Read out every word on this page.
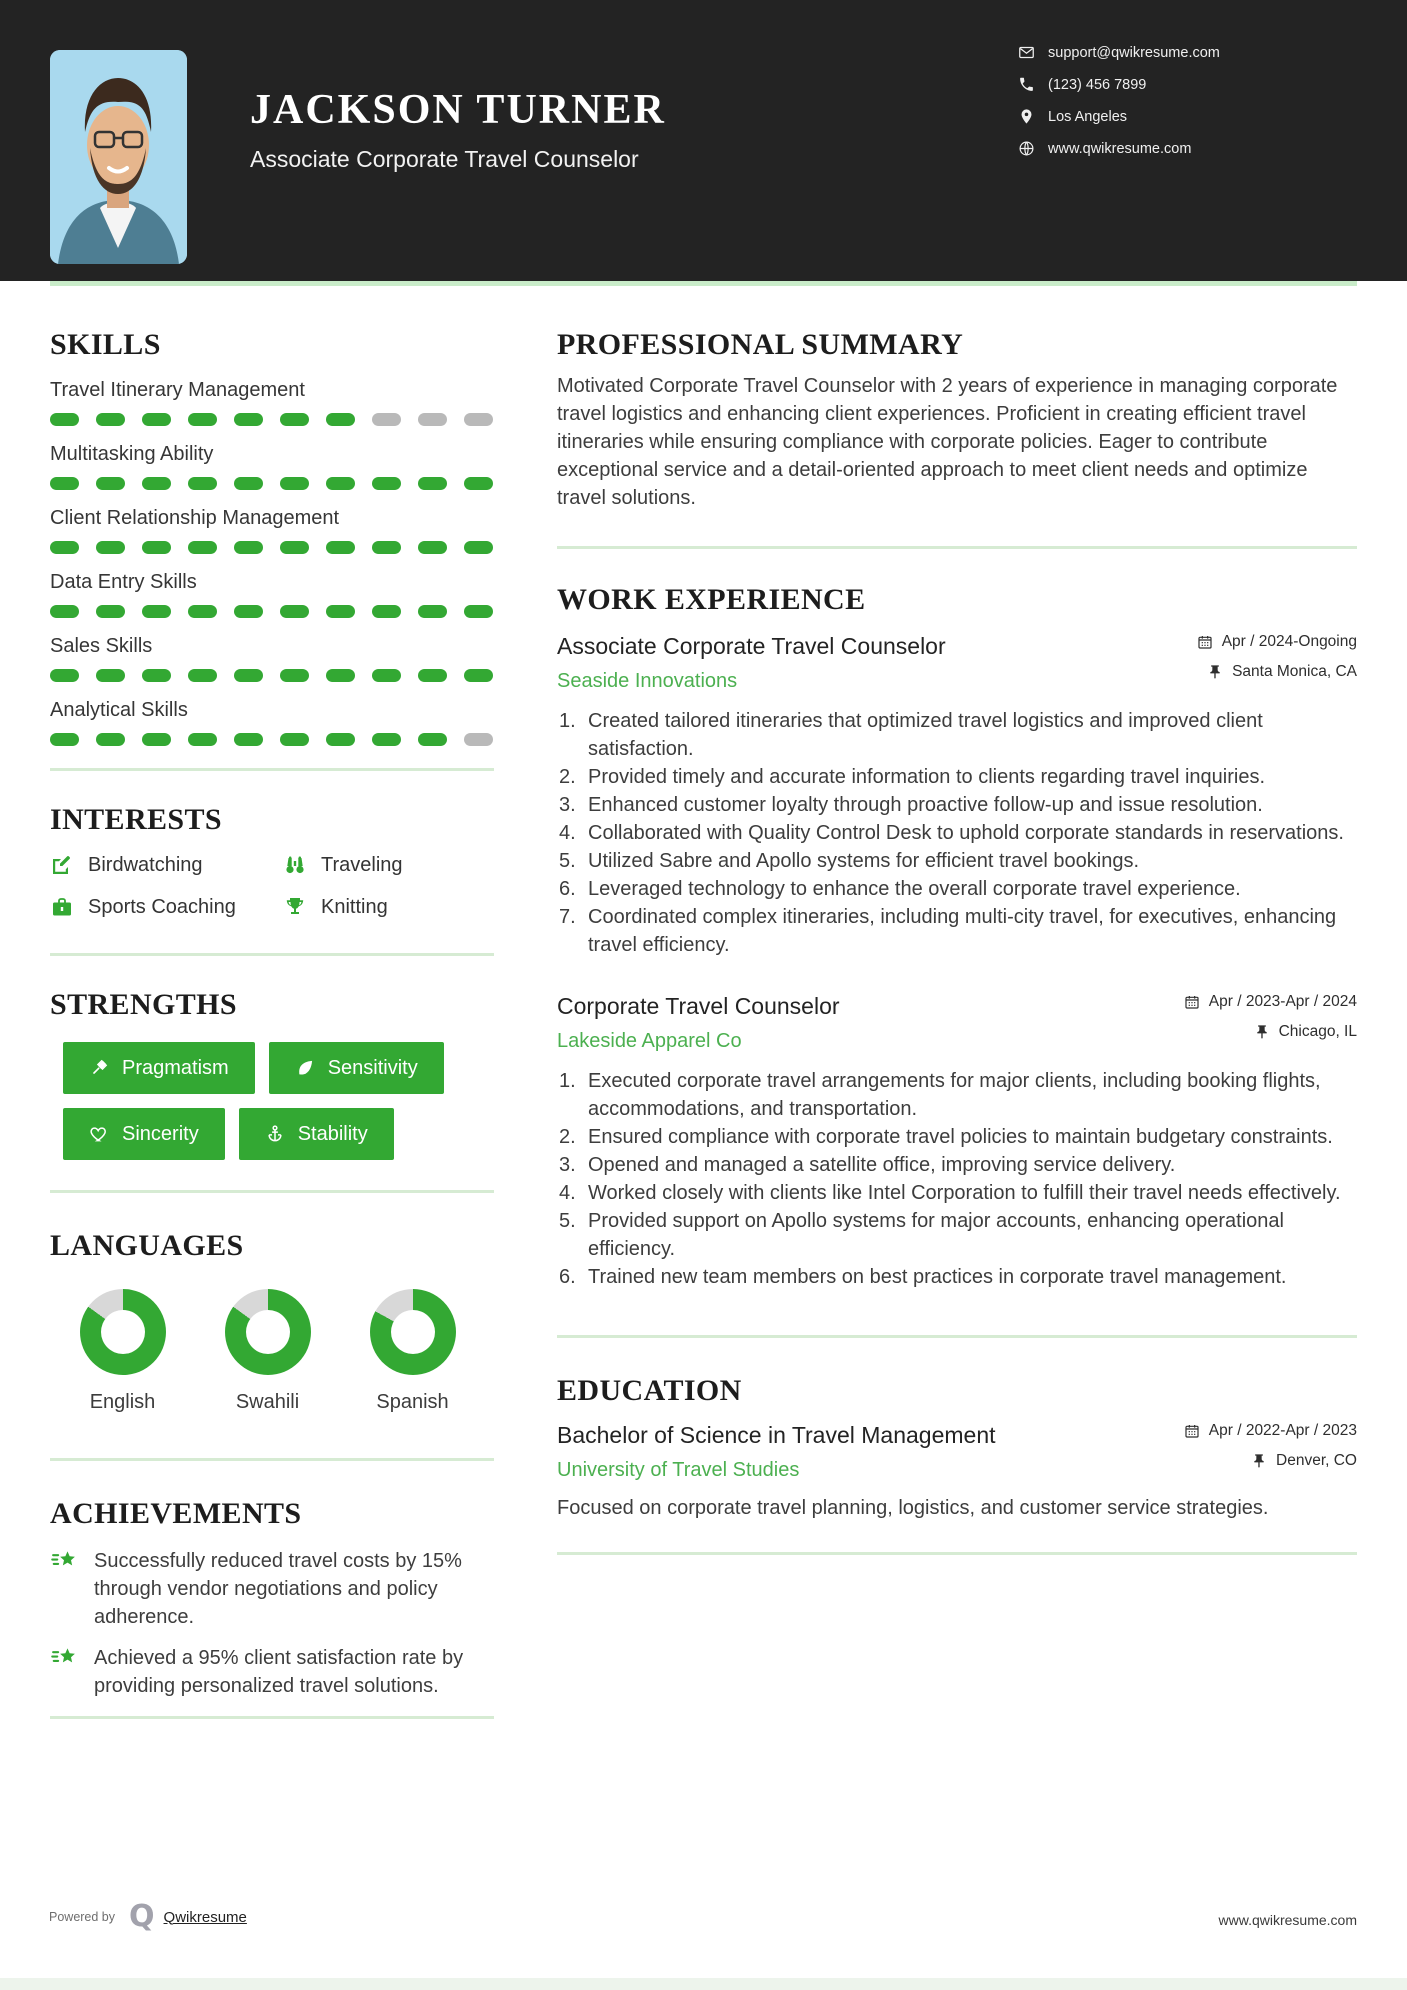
JACKSON TURNER
Associate Corporate Travel Counselor
support@qwikresume.com
(123) 456 7899
Los Angeles
www.qwikresume.com
SKILLS
Travel Itinerary Management
Multitasking Ability
Client Relationship Management
Data Entry Skills
Sales Skills
Analytical Skills
INTERESTS
Birdwatching	Traveling
Sports Coaching	Knitting
STRENGTHS
Pragmatism	Sensitivity
Sincerity	Stability
LANGUAGES
English	Swahili	Spanish
ACHIEVEMENTS

Successfully reduced travel costs by 15% through vendor negotiations and policy adherence.

Achieved a 95% client satisfaction rate by providing personalized travel solutions.

PROFESSIONAL SUMMARY

Motivated Corporate Travel Counselor with 2 years of experience in managing corporate travel logistics and enhancing client experiences. Proficient in creating efficient travel itineraries while ensuring compliance with corporate policies. Eager to contribute exceptional service and a detail-oriented approach to meet client needs and optimize travel solutions.

WORK EXPERIENCE
Associate Corporate Travel Counselor
Seaside Innovations
Apr / 2024-Ongoing
Santa Monica, CA
Created tailored itineraries that optimized travel logistics and improved client satisfaction.
Provided timely and accurate information to clients regarding travel inquiries.
Enhanced customer loyalty through proactive follow-up and issue resolution.
Collaborated with Quality Control Desk to uphold corporate standards in reservations.
Utilized Sabre and Apollo systems for efficient travel bookings.
Leveraged technology to enhance the overall corporate travel experience.
Coordinated complex itineraries, including multi-city travel, for executives, enhancing travel efficiency.
Corporate Travel Counselor
Lakeside Apparel Co
Apr / 2023-Apr / 2024
Chicago, IL
Executed corporate travel arrangements for major clients, including booking flights, accommodations, and transportation.
Ensured compliance with corporate travel policies to maintain budgetary constraints.
Opened and managed a satellite office, improving service delivery.
Worked closely with clients like Intel Corporation to fulfill their travel needs effectively.
Provided support on Apollo systems for major accounts, enhancing operational efficiency.
Trained new team members on best practices in corporate travel management.
EDUCATION
Bachelor of Science in Travel Management
University of Travel Studies
Apr / 2022-Apr / 2023
Denver, CO

Focused on corporate travel planning, logistics, and customer service strategies.

Powered by Q Qwikresume	www.qwikresume.com
